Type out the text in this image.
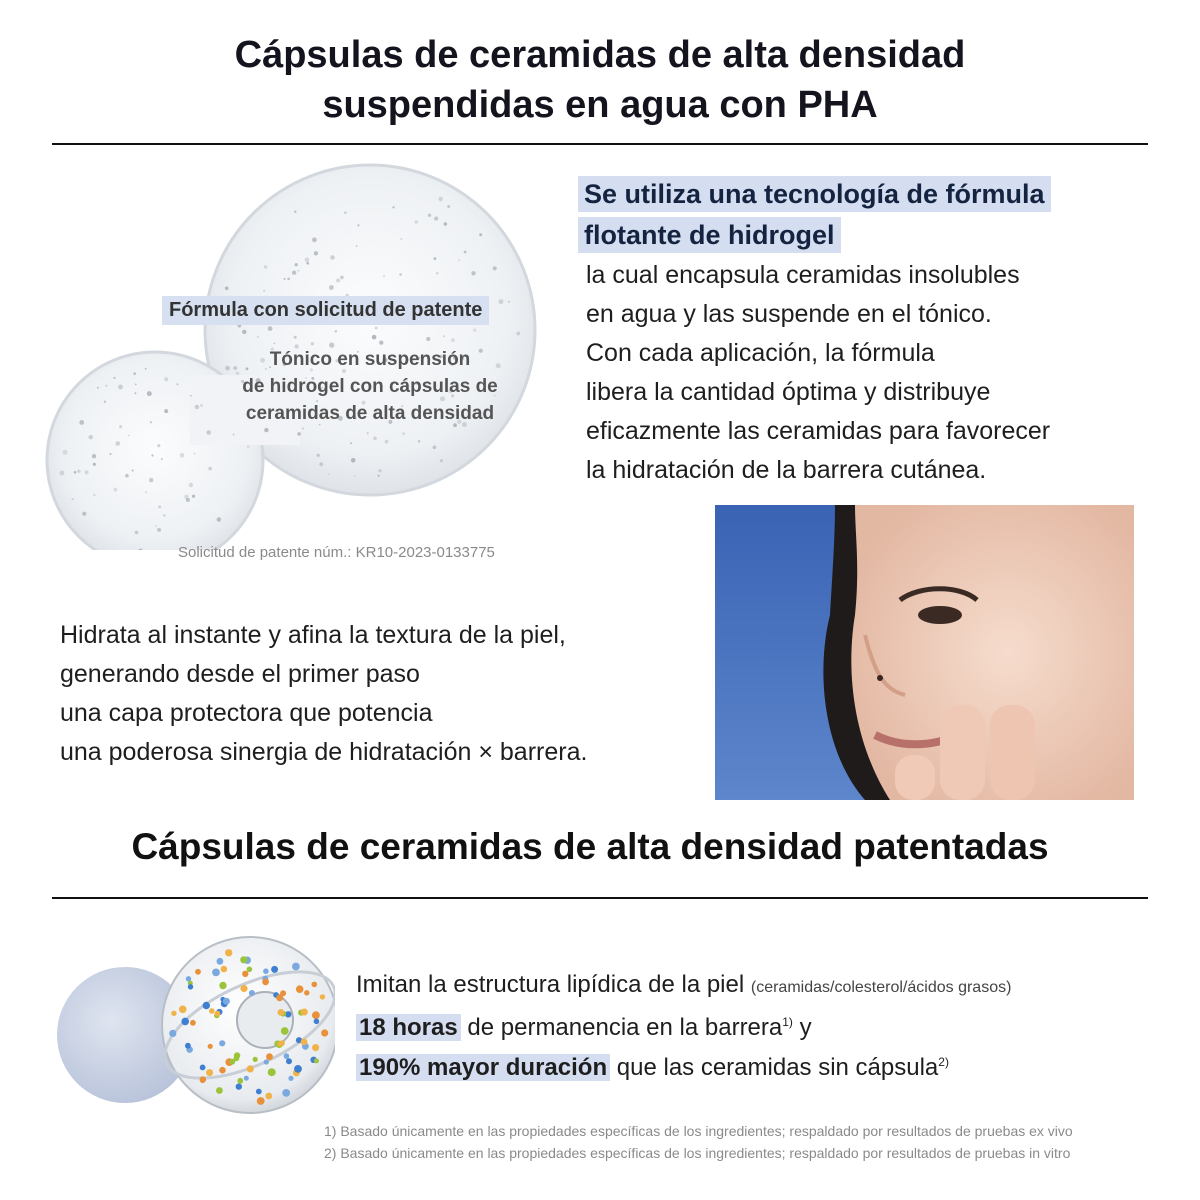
Cápsulas de ceramidas de alta densidad
suspendidas en agua con PHA
Fórmula con solicitud de patente
Tónico en suspensión
de hidrogel con cápsulas de
ceramidas de alta densidad
Solicitud de patente núm.: KR10-2023-0133775
Se utiliza una tecnología de fórmula
flotante de hidrogel
la cual encapsula ceramidas insolubles
en agua y las suspende en el tónico.
Con cada aplicación, la fórmula
libera la cantidad óptima y distribuye
eficazmente las ceramidas para favorecer
la hidratación de la barrera cutánea.
Hidrata al instante y afina la textura de la piel,
generando desde el primer paso
una capa protectora que potencia
una poderosa sinergia de hidratación × barrera.
Cápsulas de ceramidas de alta densidad patentadas
Imitan la estructura lipídica de la piel (ceramidas/colesterol/ácidos grasos)
18 horas de permanencia en la barrera$^{1)}$ y
190% mayor duración que las ceramidas sin cápsula$^{2)}$
1) Basado únicamente en las propiedades específicas de los ingredientes; respaldado por resultados de pruebas ex vivo
2) Basado únicamente en las propiedades específicas de los ingredientes; respaldado por resultados de pruebas in vitro
